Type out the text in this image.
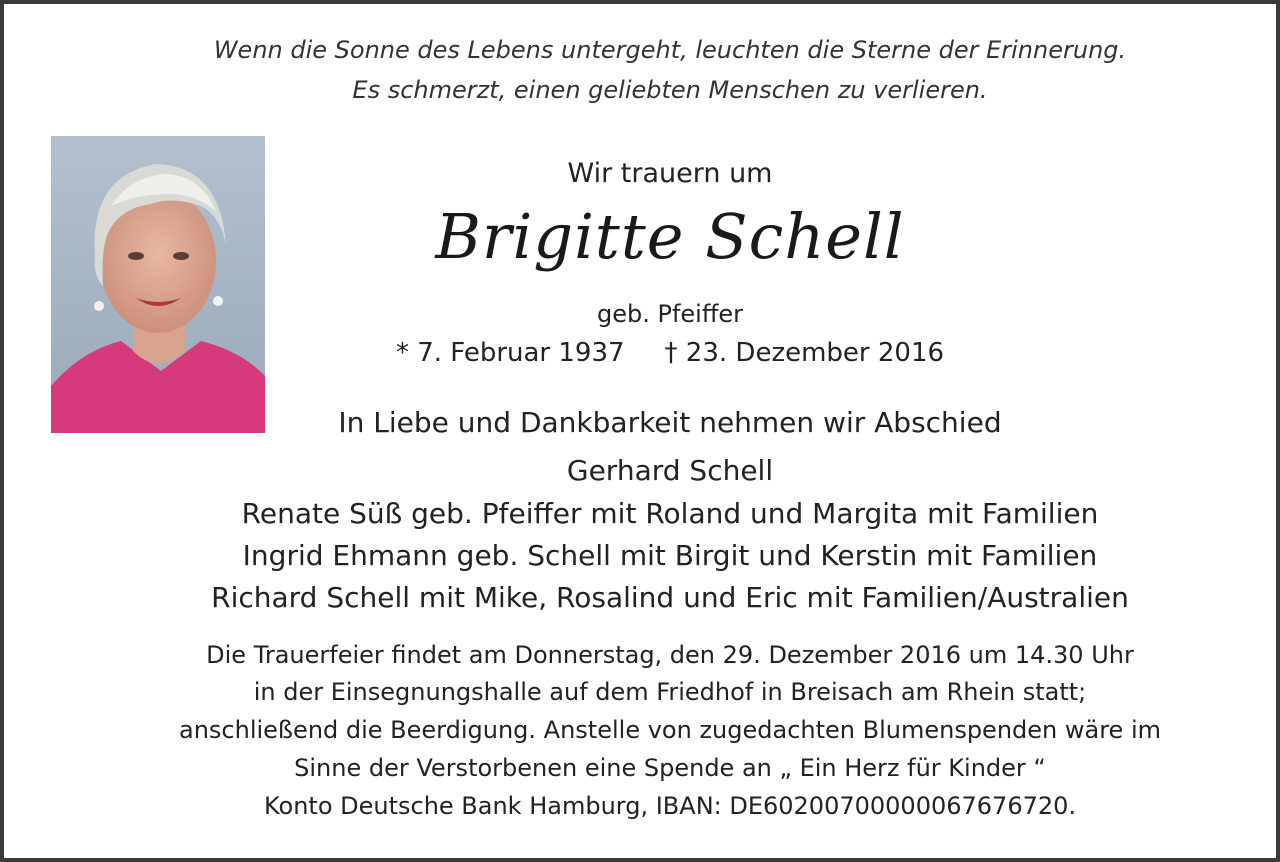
Wenn die Sonne des Lebens untergeht, leuchten die Sterne der Erinnerung.
Es schmerzt, einen geliebten Menschen zu verlieren.
Wir trauern um
Brigitte Schell
geb. Pfeiffer
* 7. Februar 1937 † 23. Dezember 2016
In Liebe und Dankbarkeit nehmen wir Abschied
Gerhard Schell
Renate Süß geb. Pfeiffer mit Roland und Margita mit Familien
Ingrid Ehmann geb. Schell mit Birgit und Kerstin mit Familien
Richard Schell mit Mike, Rosalind und Eric mit Familien/Australien
Die Trauerfeier findet am Donnerstag, den 29. Dezember 2016 um 14.30 Uhr
in der Einsegnungshalle auf dem Friedhof in Breisach am Rhein statt;
anschließend die Beerdigung. Anstelle von zugedachten Blumenspenden wäre im
Sinne der Verstorbenen eine Spende an „ Ein Herz für Kinder “
Konto Deutsche Bank Hamburg, IBAN: DE60200700000067676720.
